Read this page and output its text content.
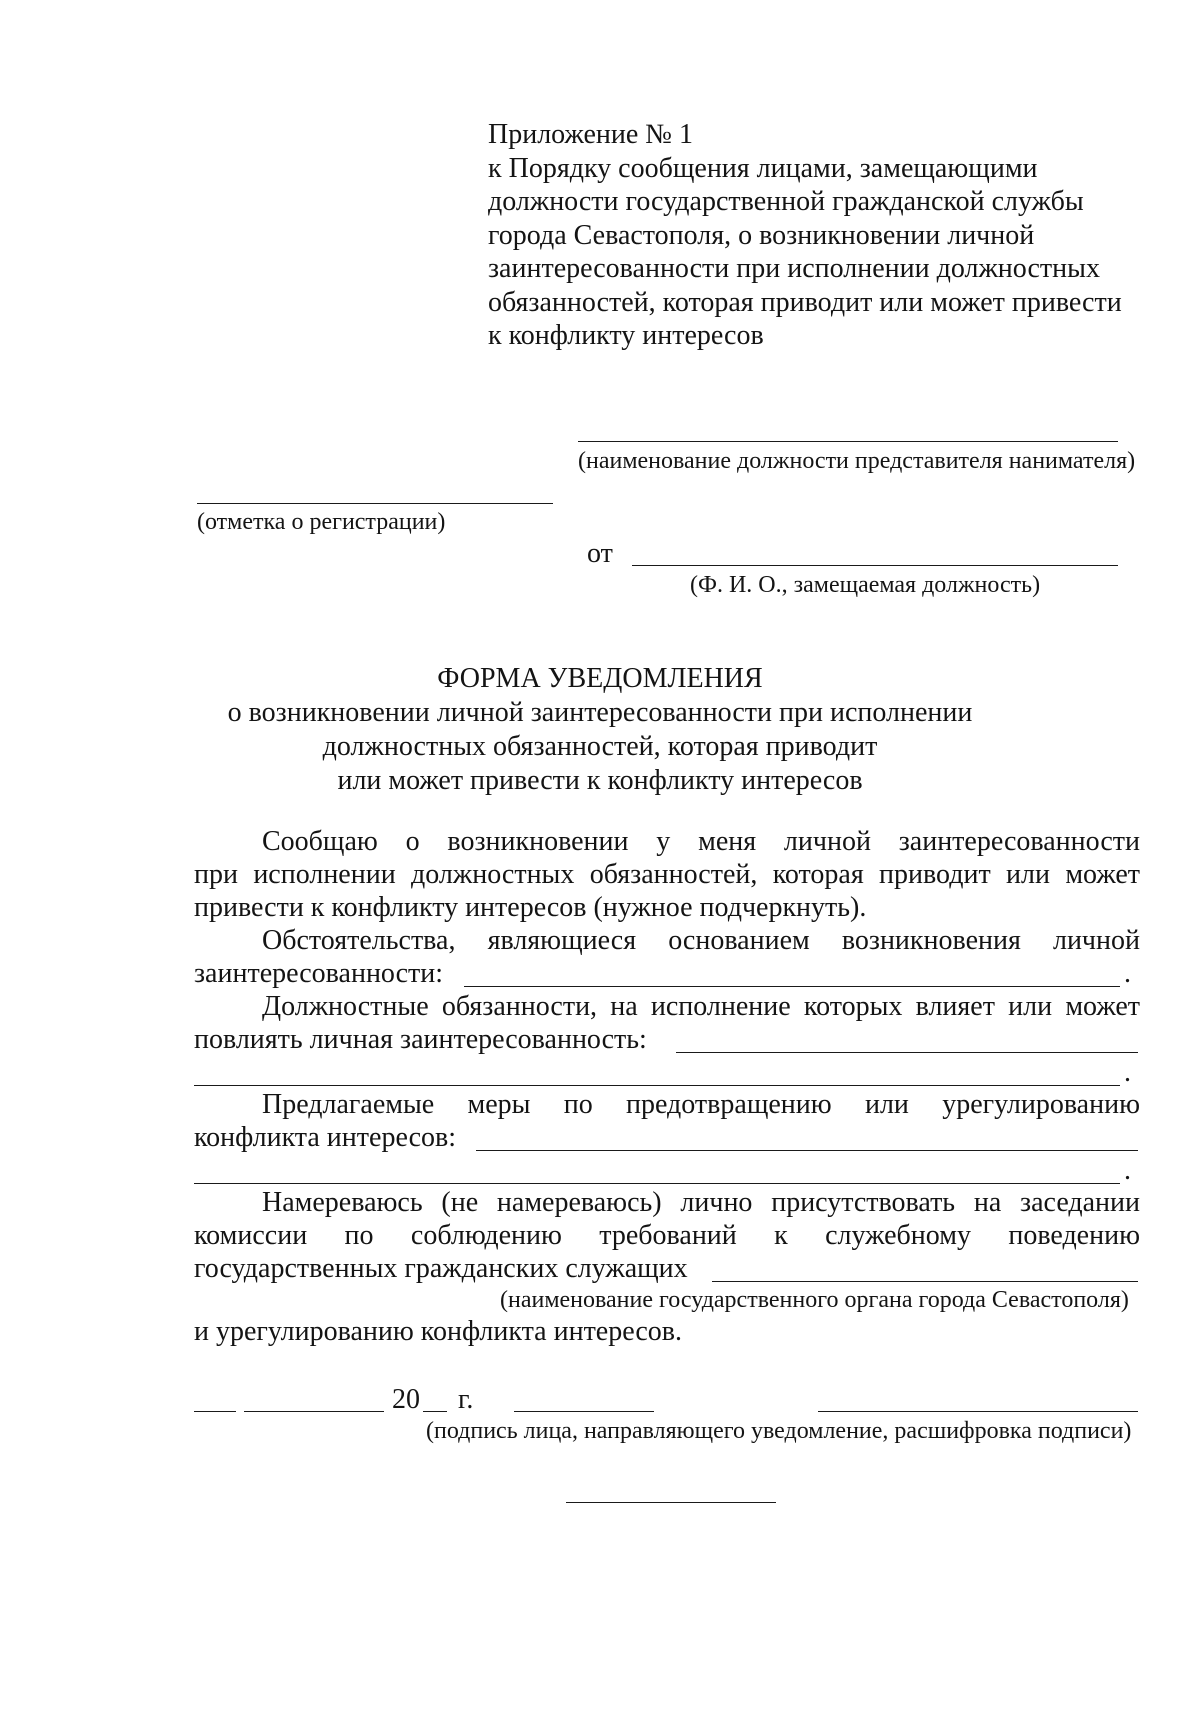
Приложение № 1
к Порядку сообщения лицами, замещающими
должности государственной гражданской службы
города Севастополя, о возникновении личной
заинтересованности при исполнении должностных
обязанностей, которая приводит или может привести
к конфликту интересов
(наименование должности представителя нанимателя)
(отметка о регистрации)
от
(Ф. И. О., замещаемая должность)
ФОРМА УВЕДОМЛЕНИЯ
о возникновении личной заинтересованности при исполнении
должностных обязанностей, которая приводит
или может привести к конфликту интересов
Сообщаю о возникновении у меня личной заинтересованности
при исполнении должностных обязанностей, которая приводит или может
привести к конфликту интересов (нужное подчеркнуть).
Обстоятельства, являющиеся основанием возникновения личной
заинтересованности:	.
Должностные обязанности, на исполнение которых влияет или может
повлиять личная заинтересованность:
.
Предлагаемые меры по предотвращению или урегулированию
конфликта интересов:
.
Намереваюсь (не намереваюсь) лично присутствовать на заседании
комиссии по соблюдению требований к служебному поведению
государственных гражданских служащих
(наименование государственного органа города Севастополя)
и урегулированию конфликта интересов.
20 г.
(подпись лица, направляющего уведомление, расшифровка подписи)
